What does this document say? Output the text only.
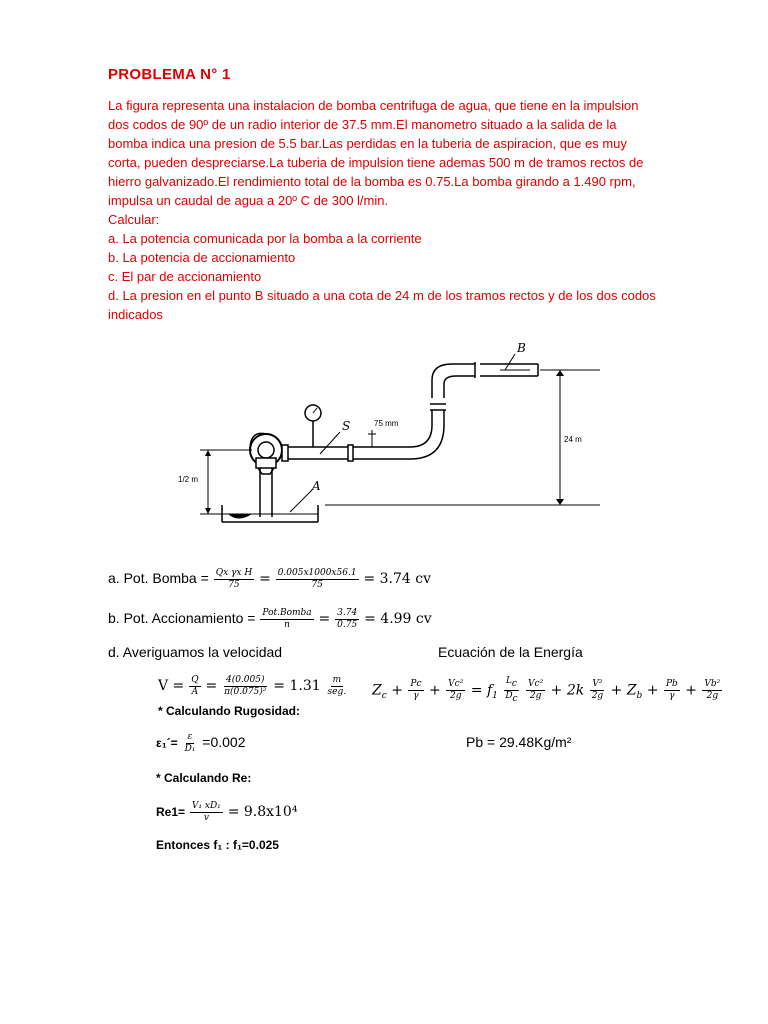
PROBLEMA N° 1
La figura representa una instalacion de bomba centrifuga de agua, que tiene en la impulsion
dos codos de 90º de un radio interior de 37.5 mm.El manometro situado a la salida de la
bomba indica una presion de 5.5 bar.Las perdidas en la tuberia de aspiracion, que es muy
corta, pueden despreciarse.La tuberia de impulsion tiene ademas 500 m de tramos rectos de
hierro galvanizado.El rendimiento total de la bomba es 0.75.La bomba girando a 1.490 rpm,
impulsa un caudal de agua a 20º C de 300 l/min.
Calcular:
a. La potencia comunicada por la bomba a la corriente
b. La potencia de accionamiento
c. El par de accionamiento
d. La presion en el punto B situado a una cota de 24 m de los tramos rectos y de los dos codos
indicados
B
S
A
75 mm
24 m
1/2 m
a. Pot. Bomba = $\frac{\text{Qx γx H}}{75} = \frac{0.005x1000x56.1}{75} = 3.74$ cv
b. Pot. Accionamiento = $\frac{\text{Pot.Bomba}}{n} = \frac{3.74}{0.75} = 4.99$ cv
d. Averiguamos la velocidad	Ecuación de la Energía
$V = \frac{Q}{A} = \frac{4(0.005)}{\text{π(0.075)²}} = 1.31 \frac{m}{\text{seg.}} Z_c + \frac{Pc}{\gamma} + \frac{\text{Vc²}}{2g} = f_1 \frac{L_c}{D_c}$
$\frac{\text{Vc²}}{2g} + 2k \frac{\text{V²}}{2g} + Z_b + \frac{Pb}{\gamma} + \frac{\text{Vb²}}{2g}$
* Calculando Rugosidad:
ε₁´= $\frac{\varepsilon}{\text{D₁}} =0.002$	Pb = 29.48Kg/m²
* Calculando Re:
$Re1= \frac{\text{V₁ xD₁}}{v} = 9.8x10^4$
Entonces f₁ : f₁=0.025
